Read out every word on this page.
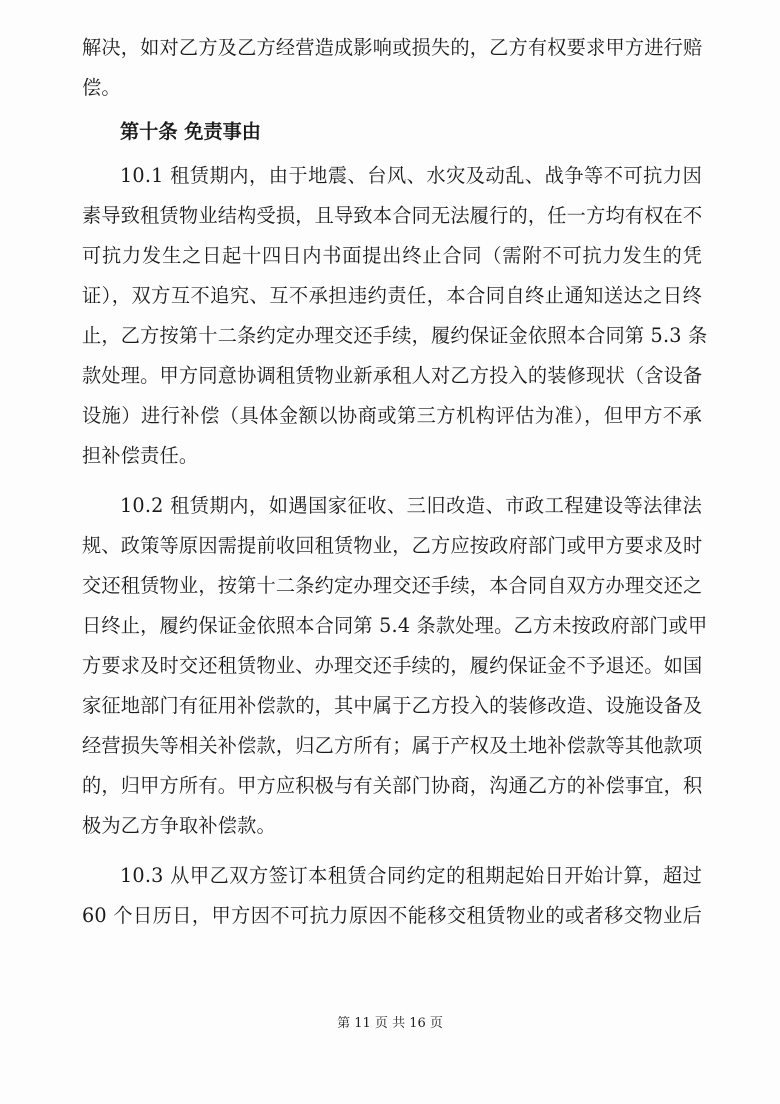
解决，如对乙方及乙方经营造成影响或损失的，乙方有权要求甲方进行赔
偿。

第十条 免责事由

10.1 租赁期内，由于地震、台风、水灾及动乱、战争等不可抗力因
素导致租赁物业结构受损，且导致本合同无法履行的，任一方均有权在不
可抗力发生之日起十四日内书面提出终止合同（需附不可抗力发生的凭
证），双方互不追究、互不承担违约责任，本合同自终止通知送达之日终
止，乙方按第十二条约定办理交还手续，履约保证金依照本合同第 5.3 条
款处理。甲方同意协调租赁物业新承租人对乙方投入的装修现状（含设备
设施）进行补偿（具体金额以协商或第三方机构评估为准），但甲方不承
担补偿责任。

10.2 租赁期内，如遇国家征收、三旧改造、市政工程建设等法律法
规、政策等原因需提前收回租赁物业，乙方应按政府部门或甲方要求及时
交还租赁物业，按第十二条约定办理交还手续，本合同自双方办理交还之
日终止，履约保证金依照本合同第 5.4 条款处理。乙方未按政府部门或甲
方要求及时交还租赁物业、办理交还手续的，履约保证金不予退还。如国
家征地部门有征用补偿款的，其中属于乙方投入的装修改造、设施设备及
经营损失等相关补偿款，归乙方所有；属于产权及土地补偿款等其他款项
的，归甲方所有。甲方应积极与有关部门协商，沟通乙方的补偿事宜，积
极为乙方争取补偿款。

10.3 从甲乙双方签订本租赁合同约定的租期起始日开始计算，超过
60 个日历日，甲方因不可抗力原因不能移交租赁物业的或者移交物业后

第 11 页 共 16 页
